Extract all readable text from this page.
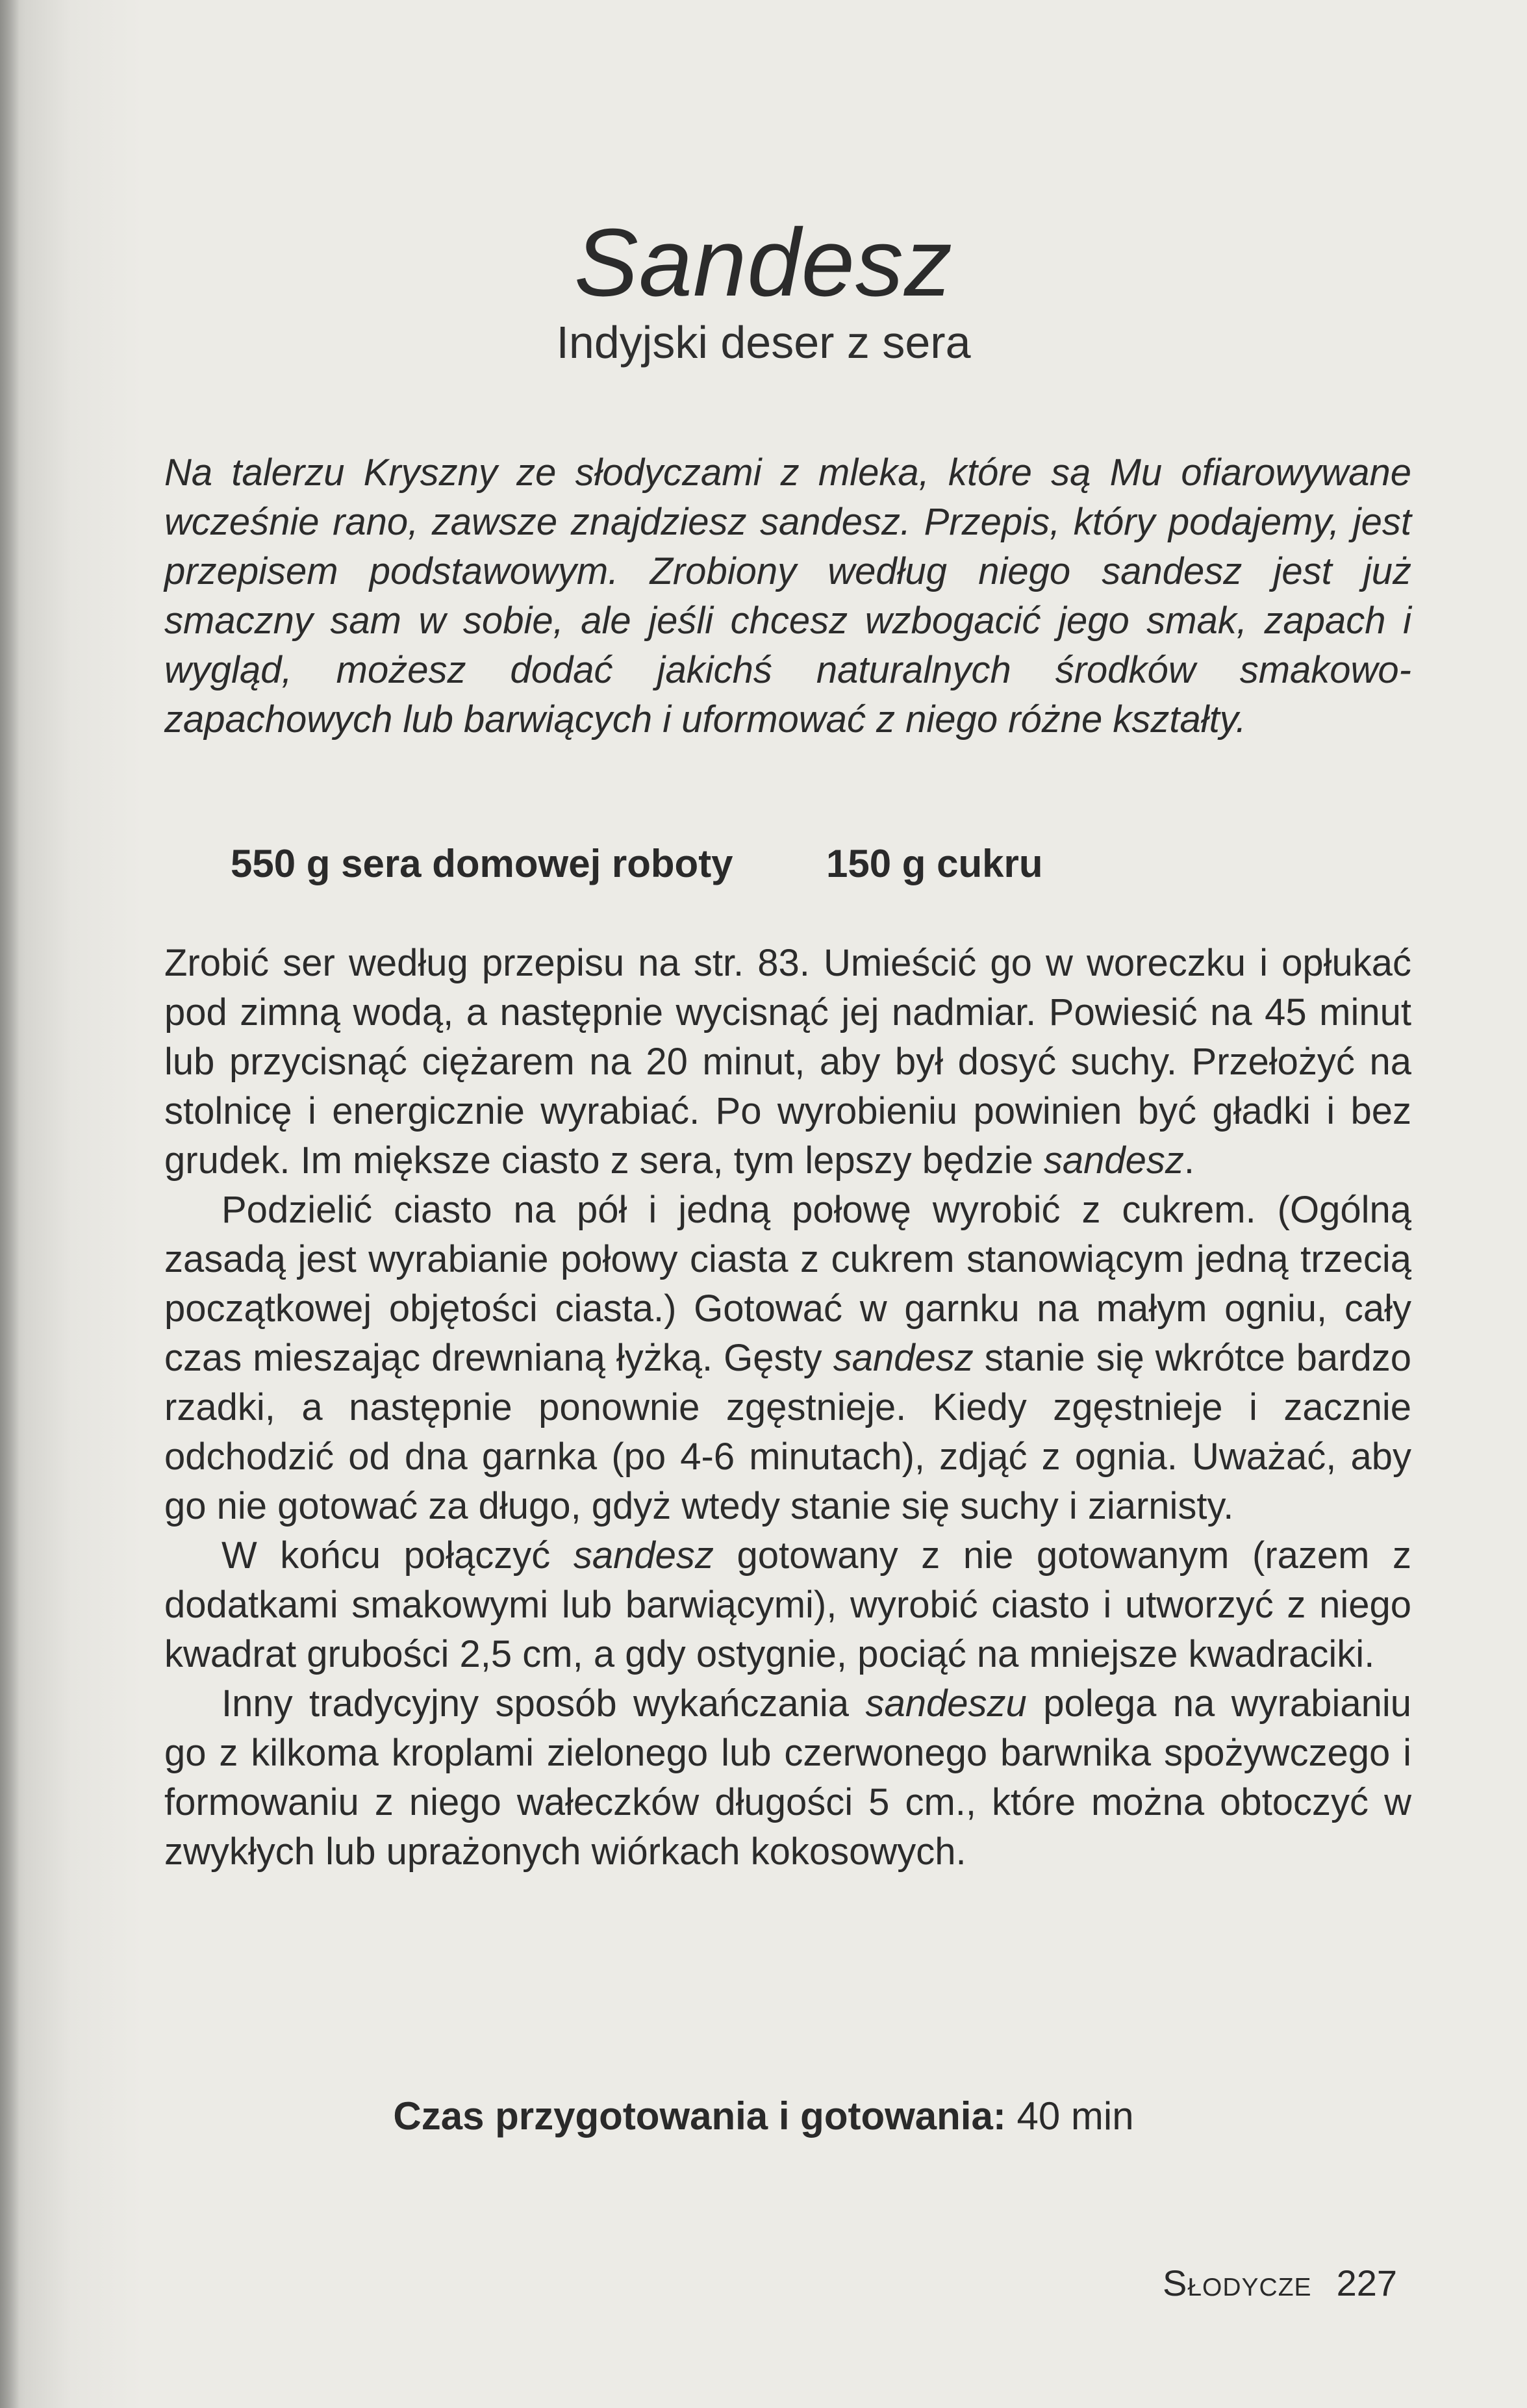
Sandesz
Indyjski deser z sera

Na talerzu Kryszny ze słodyczami z mleka, które są Mu ofiarowywane wcześnie rano, zawsze znajdziesz sandesz. Przepis, który podajemy, jest przepisem podstawowym. Zrobiony według niego sandesz jest już smaczny sam w sobie, ale jeśli chcesz wzbogacić jego smak, zapach i wygląd, możesz dodać jakichś naturalnych środków smakowo-zapachowych lub barwiących i uformować z niego różne kształty.

550 g sera domowej roboty 150 g cukru

Zrobić ser według przepisu na str. 83. Umieścić go w woreczku i opłukać pod zimną wodą, a następnie wycisnąć jej nadmiar. Powiesić na 45 minut lub przycisnąć ciężarem na 20 minut, aby był dosyć suchy. Przełożyć na stolnicę i energicznie wyrabiać. Po wyrobieniu powinien być gładki i bez grudek. Im miększe ciasto z sera, tym lepszy będzie sandesz.

Podzielić ciasto na pół i jedną połowę wyrobić z cukrem. (Ogólną zasadą jest wyrabianie połowy ciasta z cukrem stanowiącym jedną trzecią początkowej objętości ciasta.) Gotować w garnku na małym ogniu, cały czas mieszając drewnianą łyżką. Gęsty sandesz stanie się wkrótce bardzo rzadki, a następnie ponownie zgęstnieje. Kiedy zgęstnieje i zacznie odchodzić od dna garnka (po 4-6 minutach), zdjąć z ognia. Uważać, aby go nie gotować za długo, gdyż wtedy stanie się suchy i ziarnisty.

W końcu połączyć sandesz gotowany z nie gotowanym (razem z dodatkami smakowymi lub barwiącymi), wyrobić ciasto i utworzyć z niego kwadrat grubości 2,5 cm, a gdy ostygnie, pociąć na mniejsze kwadraciki.

Inny tradycyjny sposób wykańczania sandeszu polega na wyrabianiu go z kilkoma kroplami zielonego lub czerwonego barwnika spożywczego i formowaniu z niego wałeczków długości 5 cm., które można obtoczyć w zwykłych lub uprażonych wiórkach kokosowych.

Czas przygotowania i gotowania: 40 min

Słodycze 227
